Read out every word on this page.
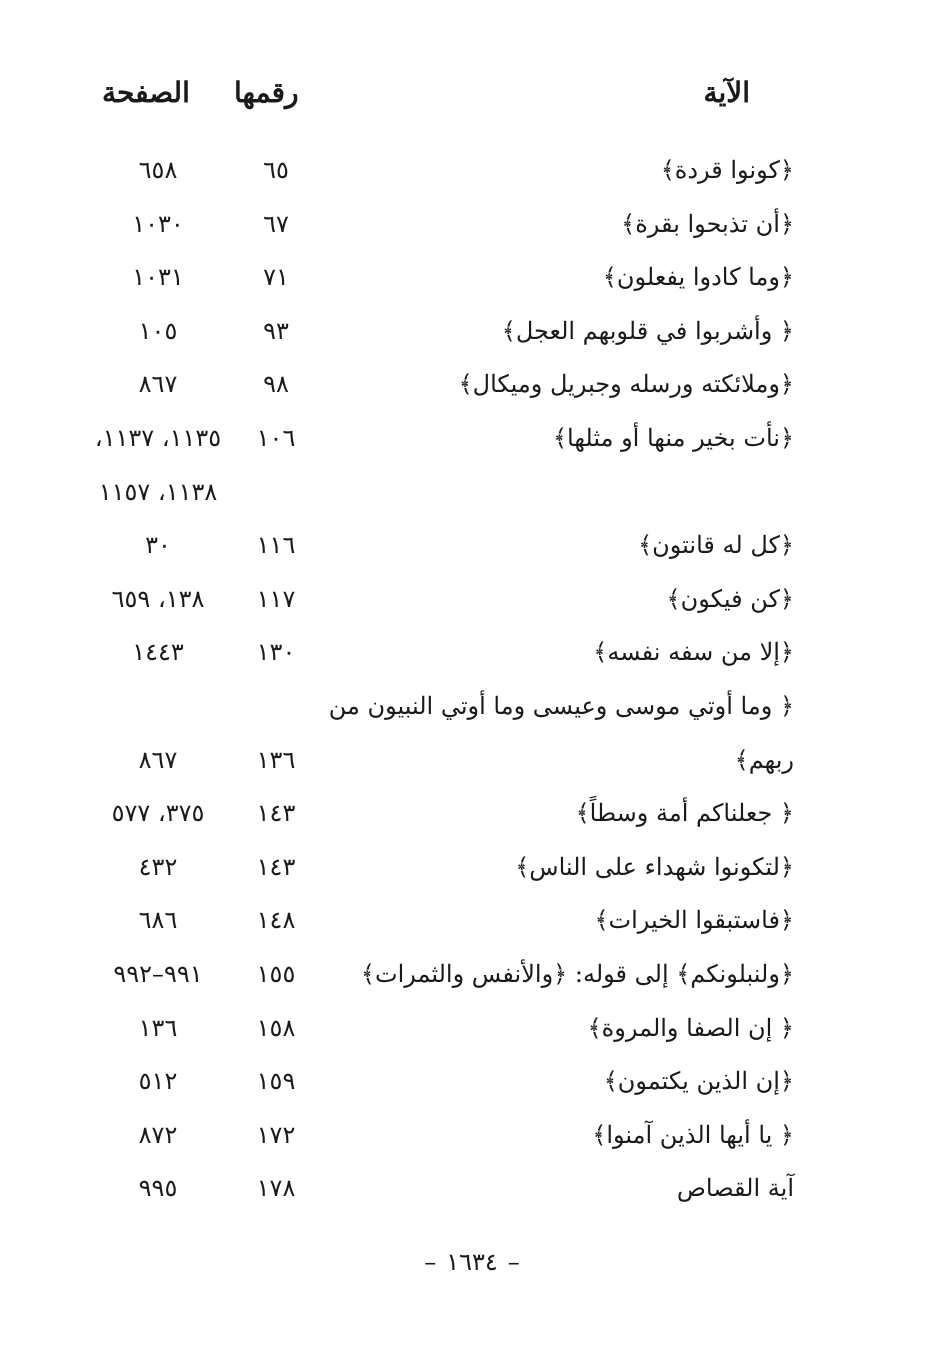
الآية
رقمها
الصفحة
﴿كونوا قردة﴾
٦٥
٦٥٨
﴿أن تذبحوا بقرة﴾
٦٧
١٠٣٠
﴿وما كادوا يفعلون﴾
٧١
١٠٣١
﴿ وأشربوا في قلوبهم العجل﴾
٩٣
١٠٥
﴿وملائكته ورسله وجبريل وميكال﴾
٩٨
٨٦٧
﴿نأت بخير منها أو مثلها﴾
١٠٦
١١٣٥، ١١٣٧،
١١٣٨، ١١٥٧
﴿كل له قانتون﴾
١١٦
٣٠
﴿كن فيكون﴾
١١٧
١٣٨، ٦٥٩
﴿إلا من سفه نفسه﴾
١٣٠
١٤٤٣
﴿ وما أوتي موسى وعيسى وما أوتي النبيون من
ربهم﴾
١٣٦
٨٦٧
﴿ جعلناكم أمة وسطاً﴾
١٤٣
٣٧٥، ٥٧٧
﴿لتكونوا شهداء على الناس﴾
١٤٣
٤٣٢
﴿فاستبقوا الخيرات﴾
١٤٨
٦٨٦
﴿ولنبلونكم﴾ إلى قوله: ﴿والأنفس والثمرات﴾
١٥٥
٩٩١–٩٩٢
﴿ إن الصفا والمروة﴾
١٥٨
١٣٦
﴿إن الذين يكتمون﴾
١٥٩
٥١٢
﴿ يا أيها الذين آمنوا﴾
١٧٢
٨٧٢
آية القصاص
١٧٨
٩٩٥
– ١٦٣٤ –
